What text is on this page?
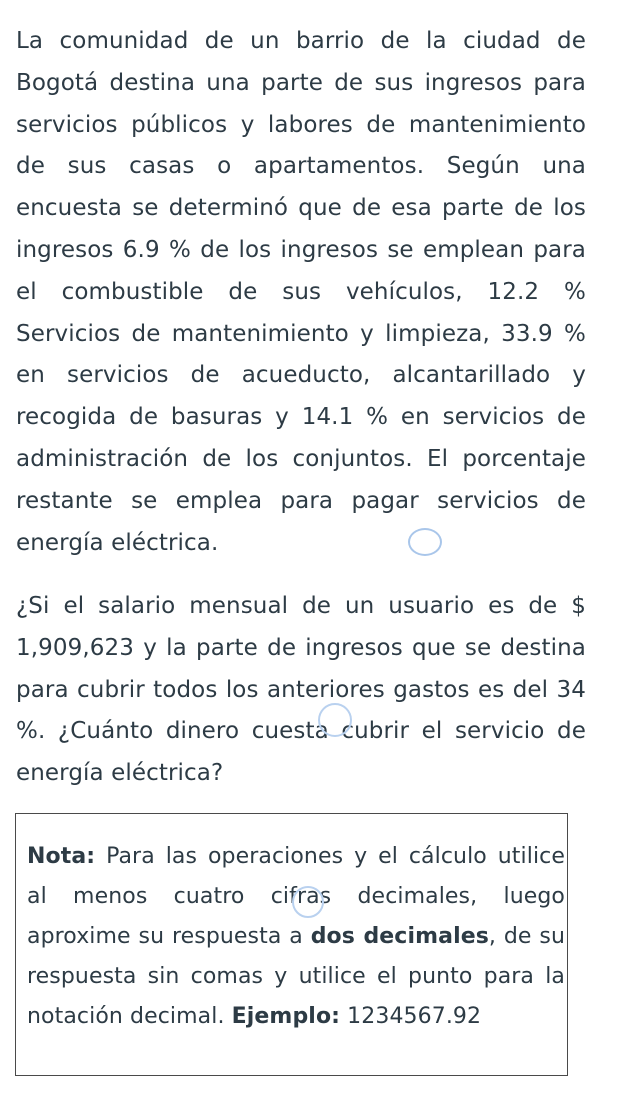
La comunidad de un barrio de la ciudad de Bogotá destina una parte de sus ingresos para servicios públicos y labores de mantenimiento de sus casas o apartamentos. Según una encuesta se determinó que de esa parte de los ingresos 6.9 % de los ingresos se emplean para el combustible de sus vehículos, 12.2 % Servicios de mantenimiento y limpieza, 33.9 % en servicios de acueducto, alcantarillado y recogida de basuras y 14.1 % en servicios de administración de los conjuntos. El porcentaje restante se emplea para pagar servicios de energía eléctrica.

¿Si el salario mensual de un usuario es de $ 1,909,623 y la parte de ingresos que se destina para cubrir todos los anteriores gastos es del 34 %. ¿Cuánto dinero cuesta cubrir el servicio de energía eléctrica?

Nota: Para las operaciones y el cálculo utilice al menos cuatro cifras decimales, luego aproxime su respuesta a dos decimales, de su respuesta sin comas y utilice el punto para la notación decimal. Ejemplo: 1234567.92
